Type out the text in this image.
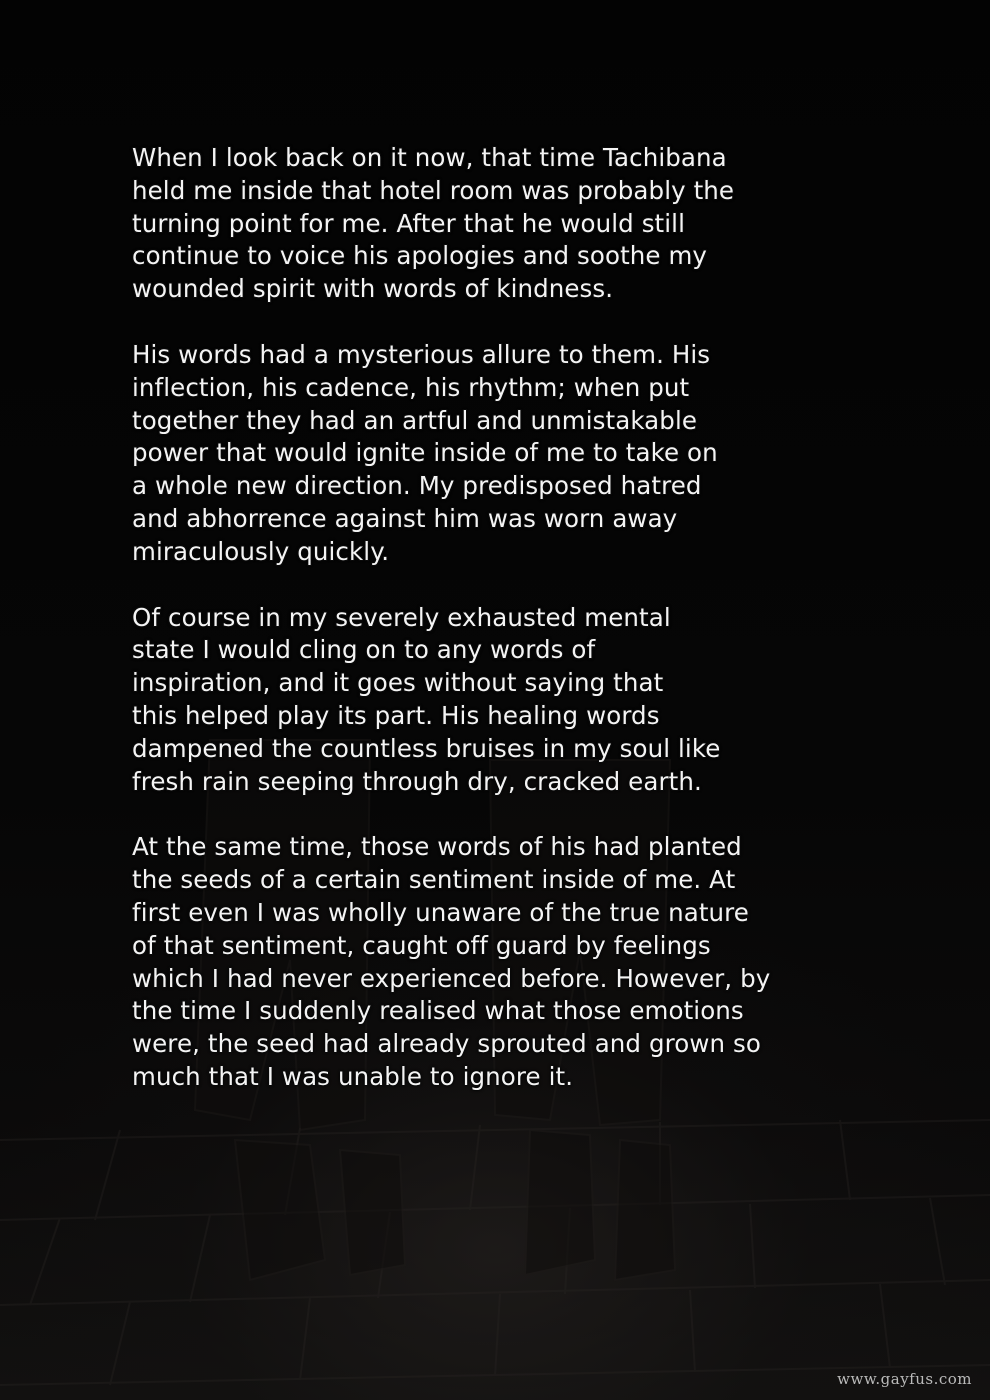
When I look back on it now, that time Tachibana
held me inside that hotel room was probably the
turning point for me. After that he would still
continue to voice his apologies and soothe my
wounded spirit with words of kindness.

His words had a mysterious allure to them. His
inflection, his cadence, his rhythm; when put
together they had an artful and unmistakable
power that would ignite inside of me to take on
a whole new direction. My predisposed hatred
and abhorrence against him was worn away
miraculously quickly.

Of course in my severely exhausted mental
state I would cling on to any words of
inspiration, and it goes without saying that
this helped play its part. His healing words
dampened the countless bruises in my soul like
fresh rain seeping through dry, cracked earth.

At the same time, those words of his had planted
the seeds of a certain sentiment inside of me. At
first even I was wholly unaware of the true nature
of that sentiment, caught off guard by feelings
which I had never experienced before. However, by
the time I suddenly realised what those emotions
were, the seed had already sprouted and grown so
much that I was unable to ignore it.

www.gayfus.com
